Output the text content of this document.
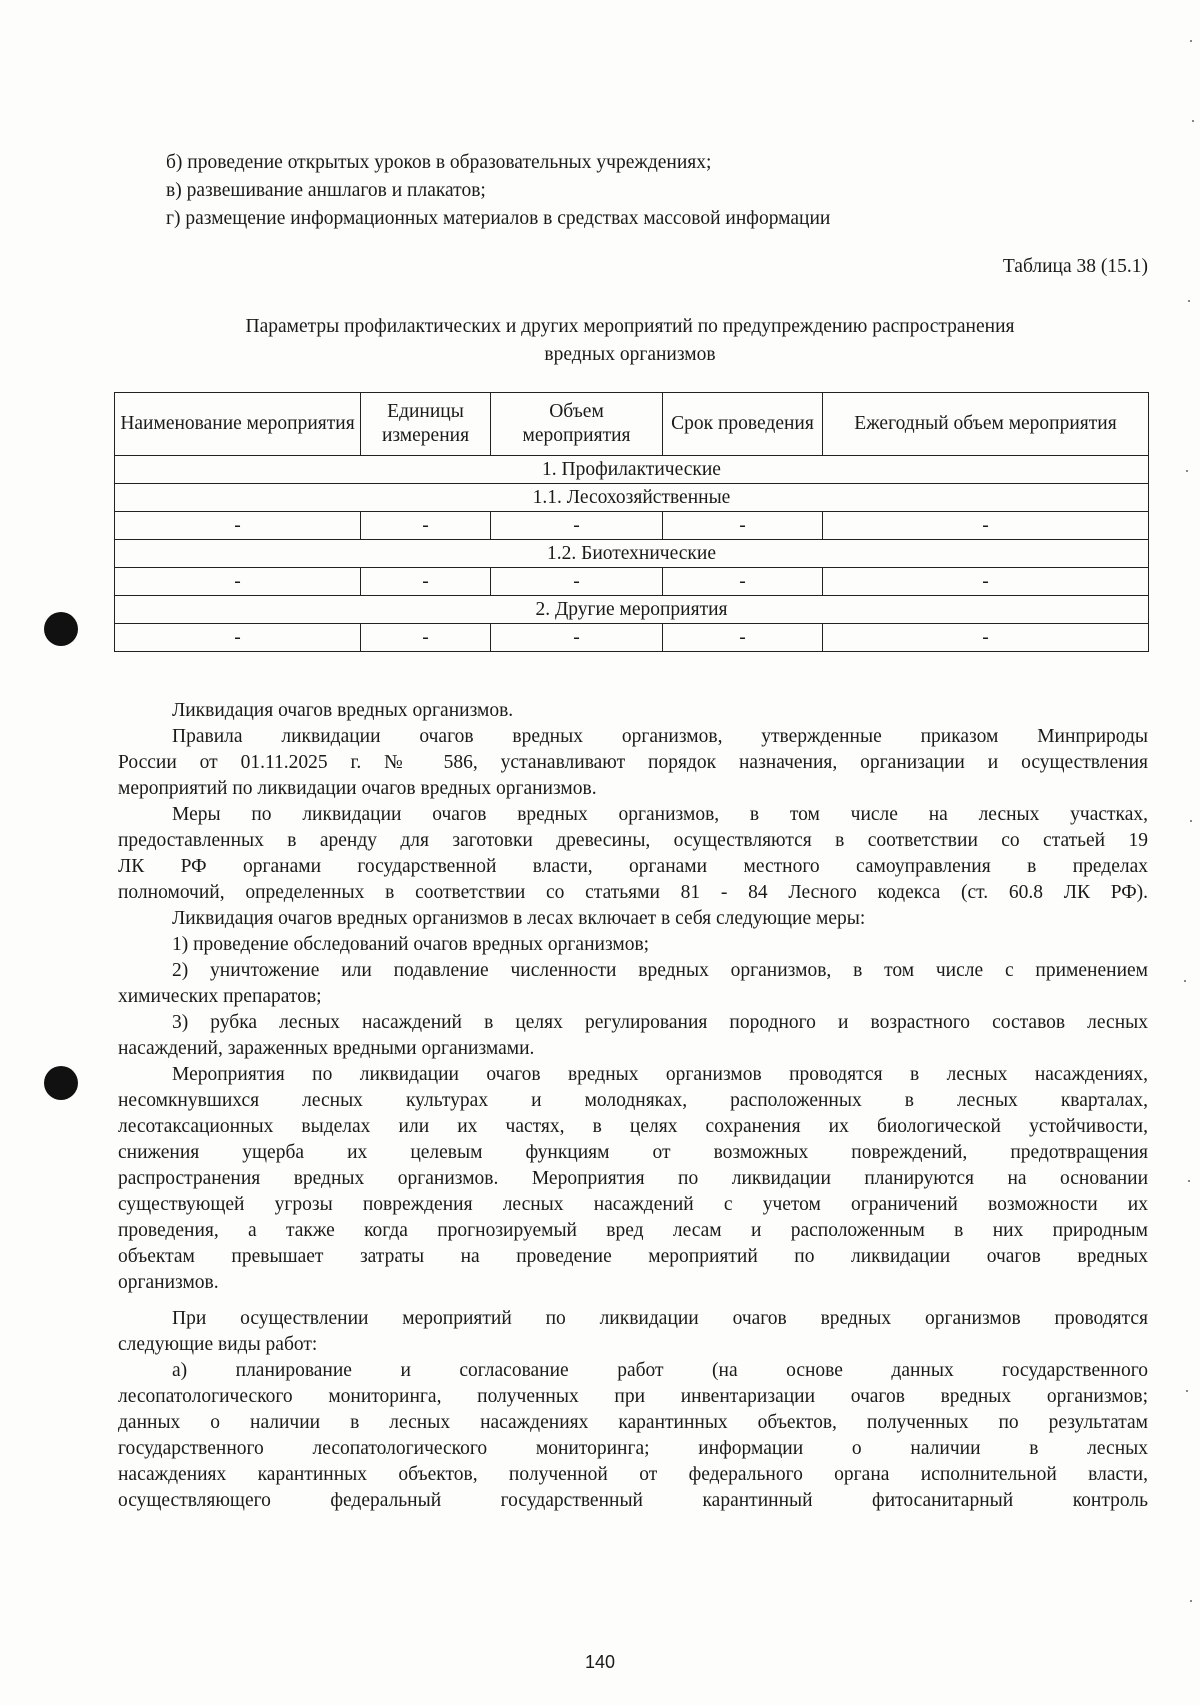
б) проведение открытых уроков в образовательных учреждениях;
в) развешивание аншлагов и плакатов;
г) размещение информационных материалов в средствах массовой информации
Таблица 38 (15.1)
Параметры профилактических и других мероприятий по предупреждению распространения
вредных организмов
Наименование мероприятия	Единицы измерения	Объем мероприятия	Срок проведения	Ежегодный объем мероприятия
1. Профилактические				
1.1. Лесохозяйственные				
-	-	-	-	-
1.2. Биотехнические				
-	-	-	-	-
2. Другие мероприятия				
-	-	-	-	-
Ликвидация очагов вредных организмов.
Правила ликвидации очагов вредных организмов, утвержденные приказом Минприроды
России от 01.11.2025 г. № 586, устанавливают порядок назначения, организации и осуществления
мероприятий по ликвидации очагов вредных организмов.
Меры по ликвидации очагов вредных организмов, в том числе на лесных участках,
предоставленных в аренду для заготовки древесины, осуществляются в соответствии со статьей 19
ЛК РФ органами государственной власти, органами местного самоуправления в пределах
полномочий, определенных в соответствии со статьями 81 - 84 Лесного кодекса (ст. 60.8 ЛК РФ).
Ликвидация очагов вредных организмов в лесах включает в себя следующие меры:
1) проведение обследований очагов вредных организмов;
2) уничтожение или подавление численности вредных организмов, в том числе с применением
химических препаратов;
3) рубка лесных насаждений в целях регулирования породного и возрастного составов лесных
насаждений, зараженных вредными организмами.
Мероприятия по ликвидации очагов вредных организмов проводятся в лесных насаждениях,
несомкнувшихся лесных культурах и молодняках, расположенных в лесных кварталах,
лесотаксационных выделах или их частях, в целях сохранения их биологической устойчивости,
снижения ущерба их целевым функциям от возможных повреждений, предотвращения
распространения вредных организмов. Мероприятия по ликвидации планируются на основании
существующей угрозы повреждения лесных насаждений с учетом ограничений возможности их
проведения, а также когда прогнозируемый вред лесам и расположенным в них природным
объектам превышает затраты на проведение мероприятий по ликвидации очагов вредных
организмов.
При осуществлении мероприятий по ликвидации очагов вредных организмов проводятся
следующие виды работ:
а) планирование и согласование работ (на основе данных государственного
лесопатологического мониторинга, полученных при инвентаризации очагов вредных организмов;
данных о наличии в лесных насаждениях карантинных объектов, полученных по результатам
государственного лесопатологического мониторинга; информации о наличии в лесных
насаждениях карантинных объектов, полученной от федерального органа исполнительной власти,
осуществляющего федеральный государственный карантинный фитосанитарный контроль
140
